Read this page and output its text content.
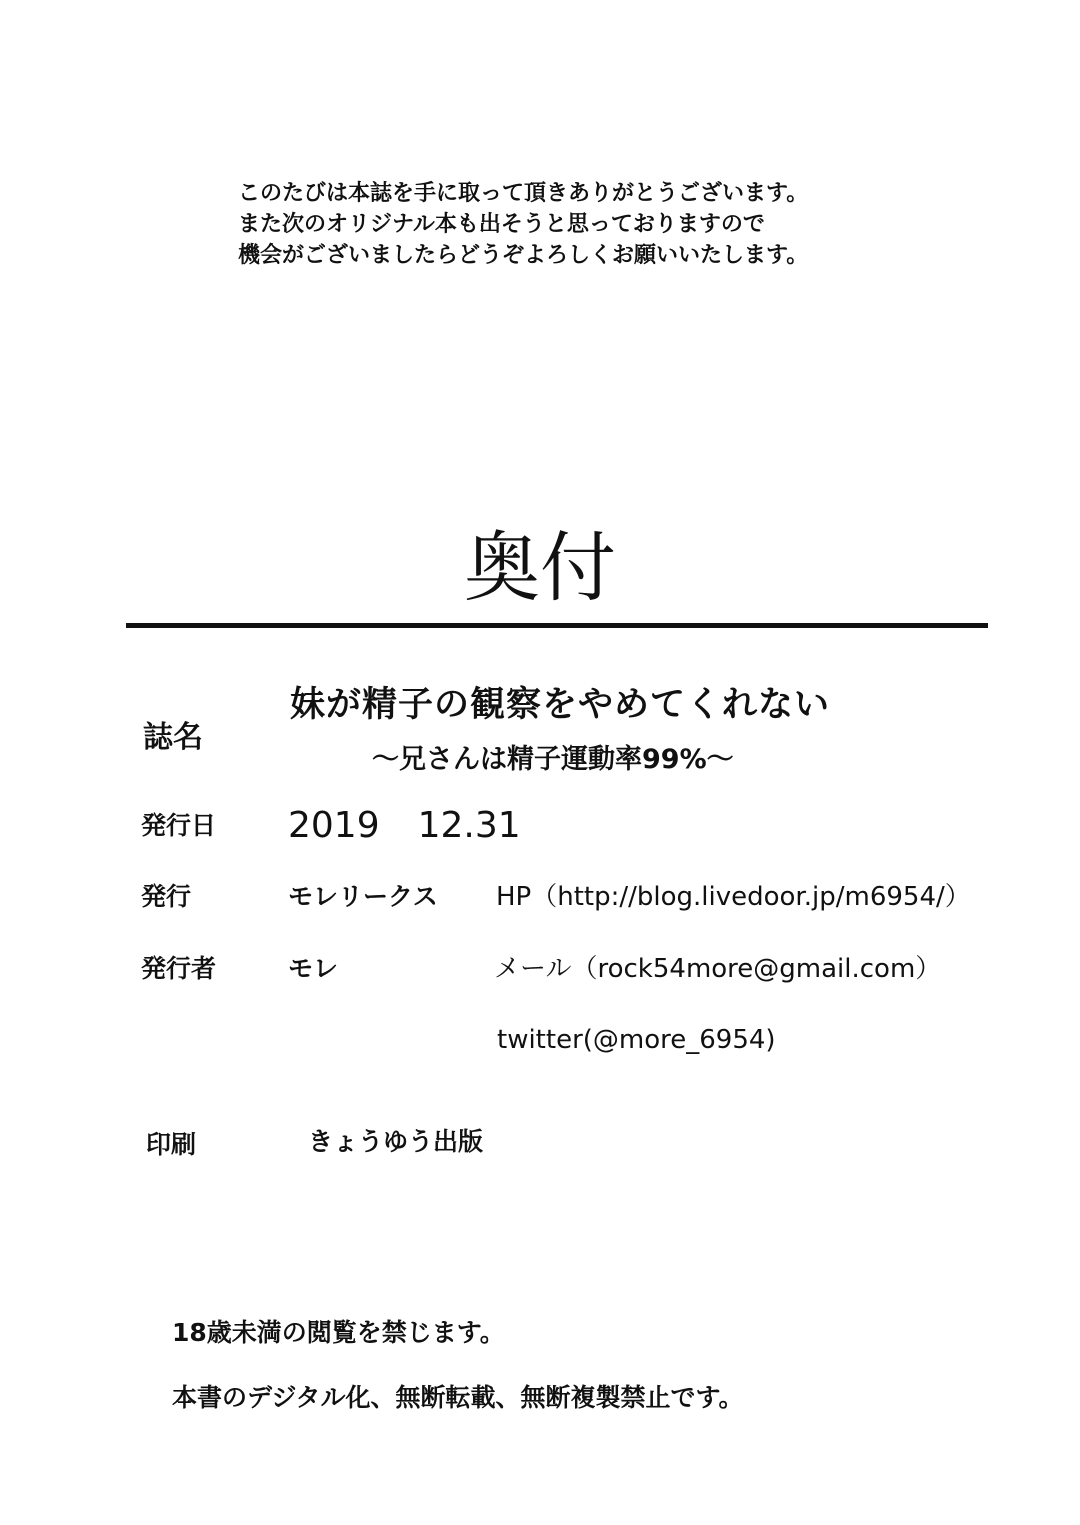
このたびは本誌を手に取って頂きありがとうございます。
また次のオリジナル本も出そうと思っておりますので
機会がございましたらどうぞよろしくお願いいたします。
奥付
誌名
妹が精子の観察をやめてくれない
～兄さんは精子運動率99%～
発行日 2019 12.31
発行	モレリークス HP（http://blog.livedoor.jp/m6954/）
発行者	モレ	メール（rock54more@gmail.com）
twitter(@more_6954)
印刷	きょうゆう出版
18歳未満の閲覧を禁じます。
本書のデジタル化、無断転載、無断複製禁止です。
